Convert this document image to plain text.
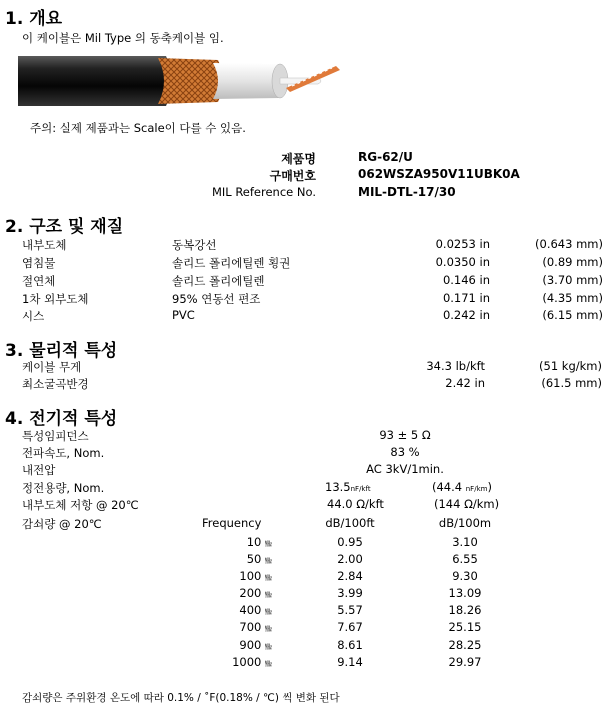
1. 개요
이 케이블은 Mil Type 의 동축케이블 임.
주의: 실제 제품과는 Scale이 다를 수 있음.
제품명	RG-62/U
구매번호	062WSZA950V11UBK0A
MIL Reference No.	MIL-DTL-17/30
2. 구조 및 재질
내부도체	동복강선	0.0253 in	(0.643 mm)
염침물	솔리드 폴리에틸렌 횡권	0.0350 in	(0.89 mm)
절연체	솔리드 폴리에틸렌	0.146 in	(3.70 mm)
1차 외부도체	95% 연동선 편조	0.171 in	(4.35 mm)
시스	PVC	0.242 in	(6.15 mm)
3. 물리적 특성
케이블 무게	34.3 lb/kft	(51 kg/km)
최소굴곡반경	2.42 in	(61.5 mm)
4. 전기적 특성
특성임피던스	93 ± 5 Ω
전파속도, Nom.	83 %
내전압	AC 3kV/1min.
정전용량, Nom.	13.5nF/kft	(44.4 nF/km)
내부도체 저항 @ 20℃	44.0 Ω/kft	(144 Ω/km)
감쇠량 @ 20℃	Frequency	dB/100ft	dB/100m
10 ㎒	0.95	3.10
50 ㎒	2.00	6.55
100 ㎒	2.84	9.30
200 ㎒	3.99	13.09
400 ㎒	5.57	18.26
700 ㎒	7.67	25.15
900 ㎒	8.61	28.25
1000 ㎒	9.14	29.97
감쇠량은 주위환경 온도에 따라 0.1% / ˚F(0.18% / ℃) 씩 변화 된다
